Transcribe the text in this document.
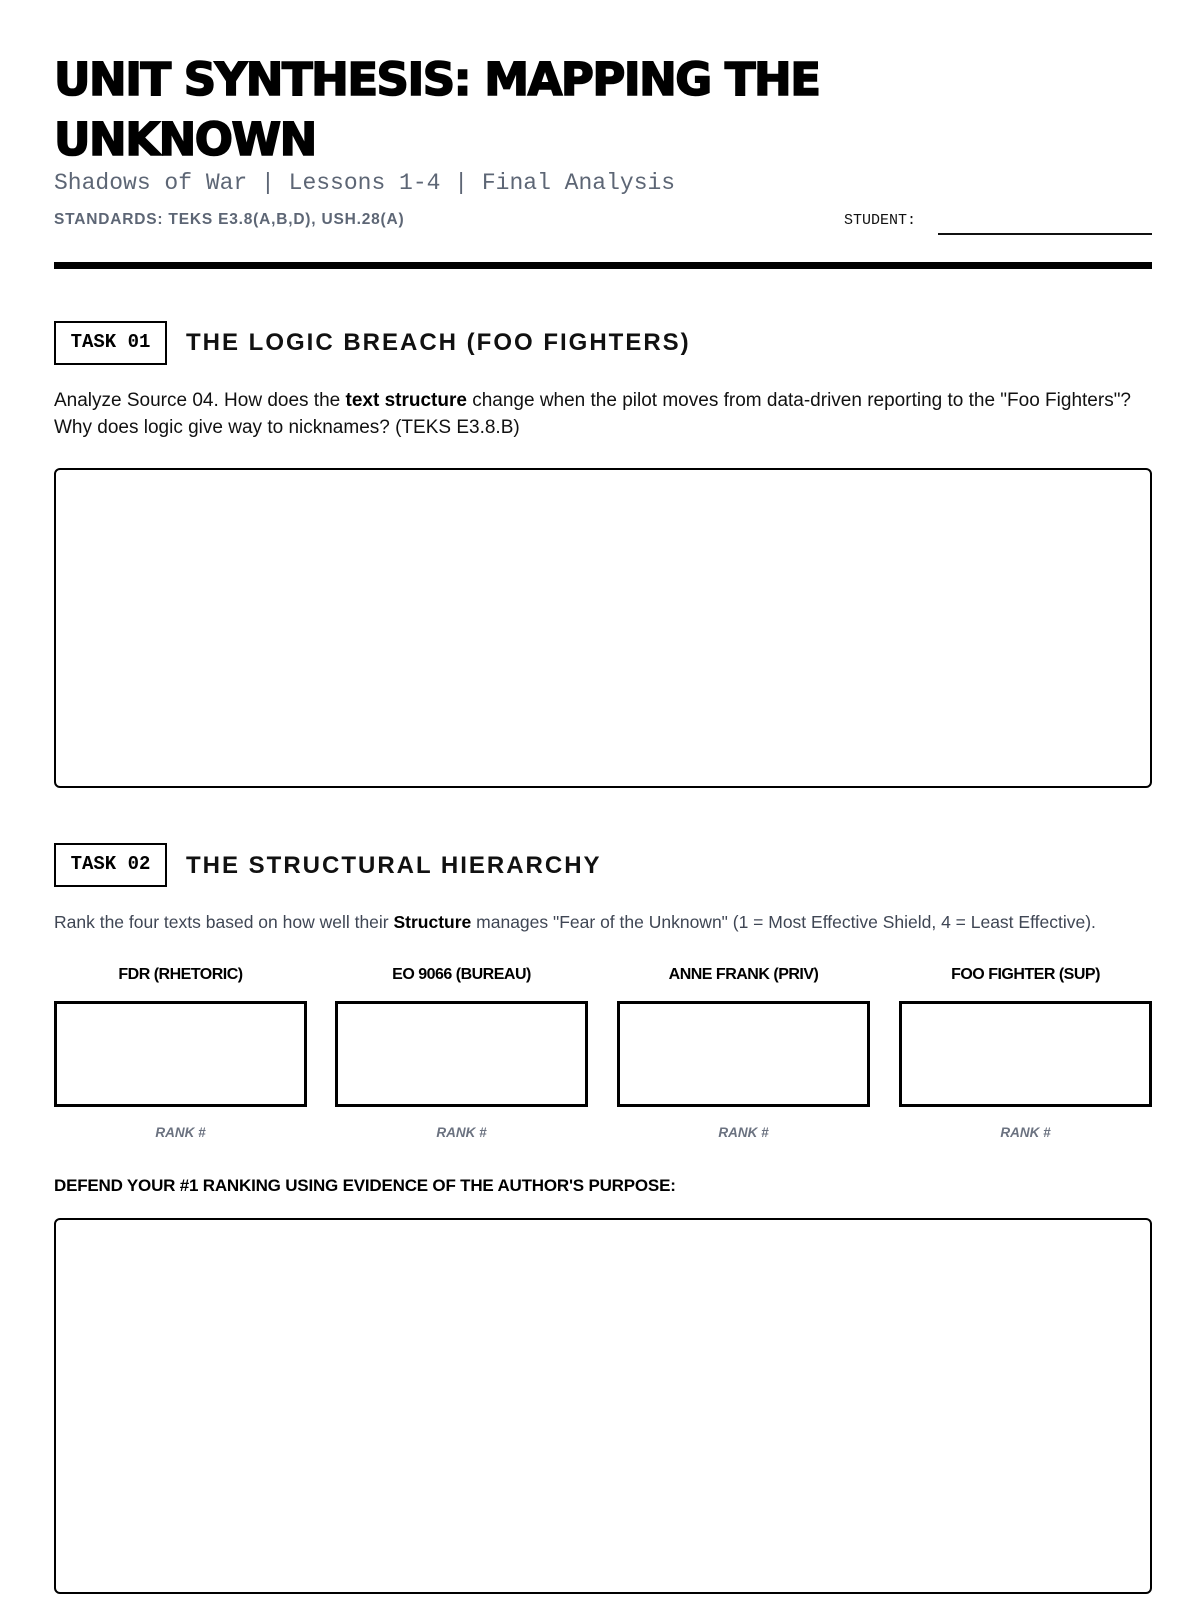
UNIT SYNTHESIS: MAPPING THE
UNKNOWN
Shadows of War | Lessons 1-4 | Final Analysis
STANDARDS: TEKS E3.8(A,B,D), USH.28(A)	STUDENT:
TASK 01	THE LOGIC BREACH (FOO FIGHTERS)
Analyze Source 04. How does the text structure change when the pilot moves from data-driven reporting to the "Foo Fighters"? Why does logic give way to nicknames? (TEKS E3.8.B)
TASK 02	THE STRUCTURAL HIERARCHY
Rank the four texts based on how well their Structure manages "Fear of the Unknown" (1 = Most Effective Shield, 4 = Least Effective).
FDR (RHETORIC)
RANK #
EO 9066 (BUREAU)
RANK #
ANNE FRANK (PRIV)
RANK #
FOO FIGHTER (SUP)
RANK #
DEFEND YOUR #1 RANKING USING EVIDENCE OF THE AUTHOR'S PURPOSE:
